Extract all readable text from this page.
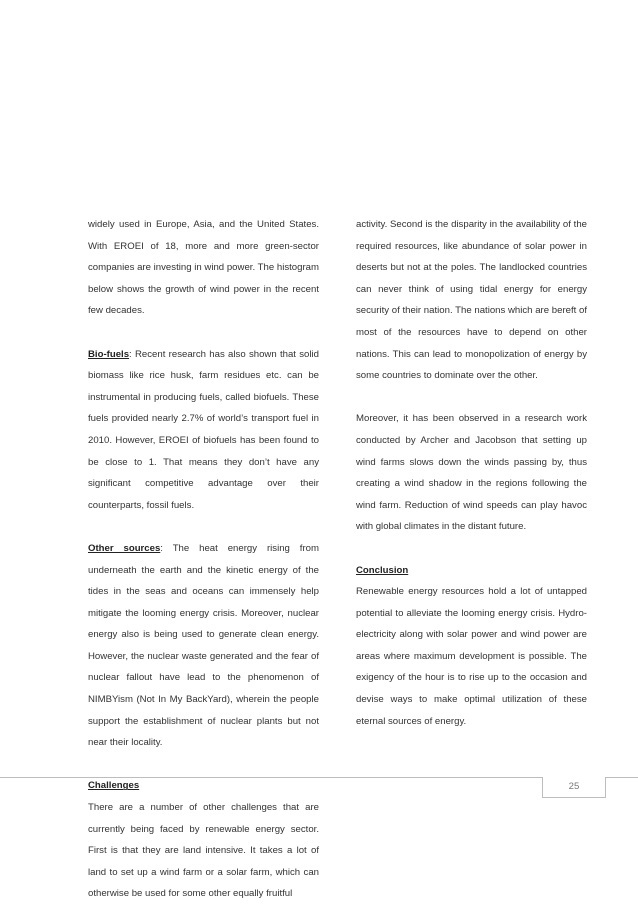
widely used in Europe, Asia, and the United States. With EROEI of 18, more and more green-sector companies are investing in wind power. The histogram below shows the growth of wind power in the recent few decades.

Bio-fuels: Recent research has also shown that solid biomass like rice husk, farm residues etc. can be instrumental in producing fuels, called biofuels. These fuels provided nearly 2.7% of world’s transport fuel in 2010. However, EROEI of biofuels has been found to be close to 1. That means they don’t have any significant competitive advantage over their counterparts, fossil fuels.

Other sources: The heat energy rising from underneath the earth and the kinetic energy of the tides in the seas and oceans can immensely help mitigate the looming energy crisis. Moreover, nuclear energy also is being used to generate clean energy. However, the nuclear waste generated and the fear of nuclear fallout have lead to the phenomenon of NIMBYism (Not In My BackYard), wherein the people support the establishment of nuclear plants but not near their locality.

Challenges
There are a number of other challenges that are currently being faced by renewable energy sector. First is that they are land intensive. It takes a lot of land to set up a wind farm or a solar farm, which can otherwise be used for some other equally fruitful

activity. Second is the disparity in the availability of the required resources, like abundance of solar power in deserts but not at the poles. The landlocked countries can never think of using tidal energy for energy security of their nation. The nations which are bereft of most of the resources have to depend on other nations. This can lead to monopolization of energy by some countries to dominate over the other.

Moreover, it has been observed in a research work conducted by Archer and Jacobson that setting up wind farms slows down the winds passing by, thus creating a wind shadow in the regions following the wind farm. Reduction of wind speeds can play havoc with global climates in the distant future.

Conclusion
Renewable energy resources hold a lot of untapped potential to alleviate the looming energy crisis. Hydro-electricity along with solar power and wind power are areas where maximum development is possible. The exigency of the hour is to rise up to the occasion and devise ways to make optimal utilization of these eternal sources of energy.

25
